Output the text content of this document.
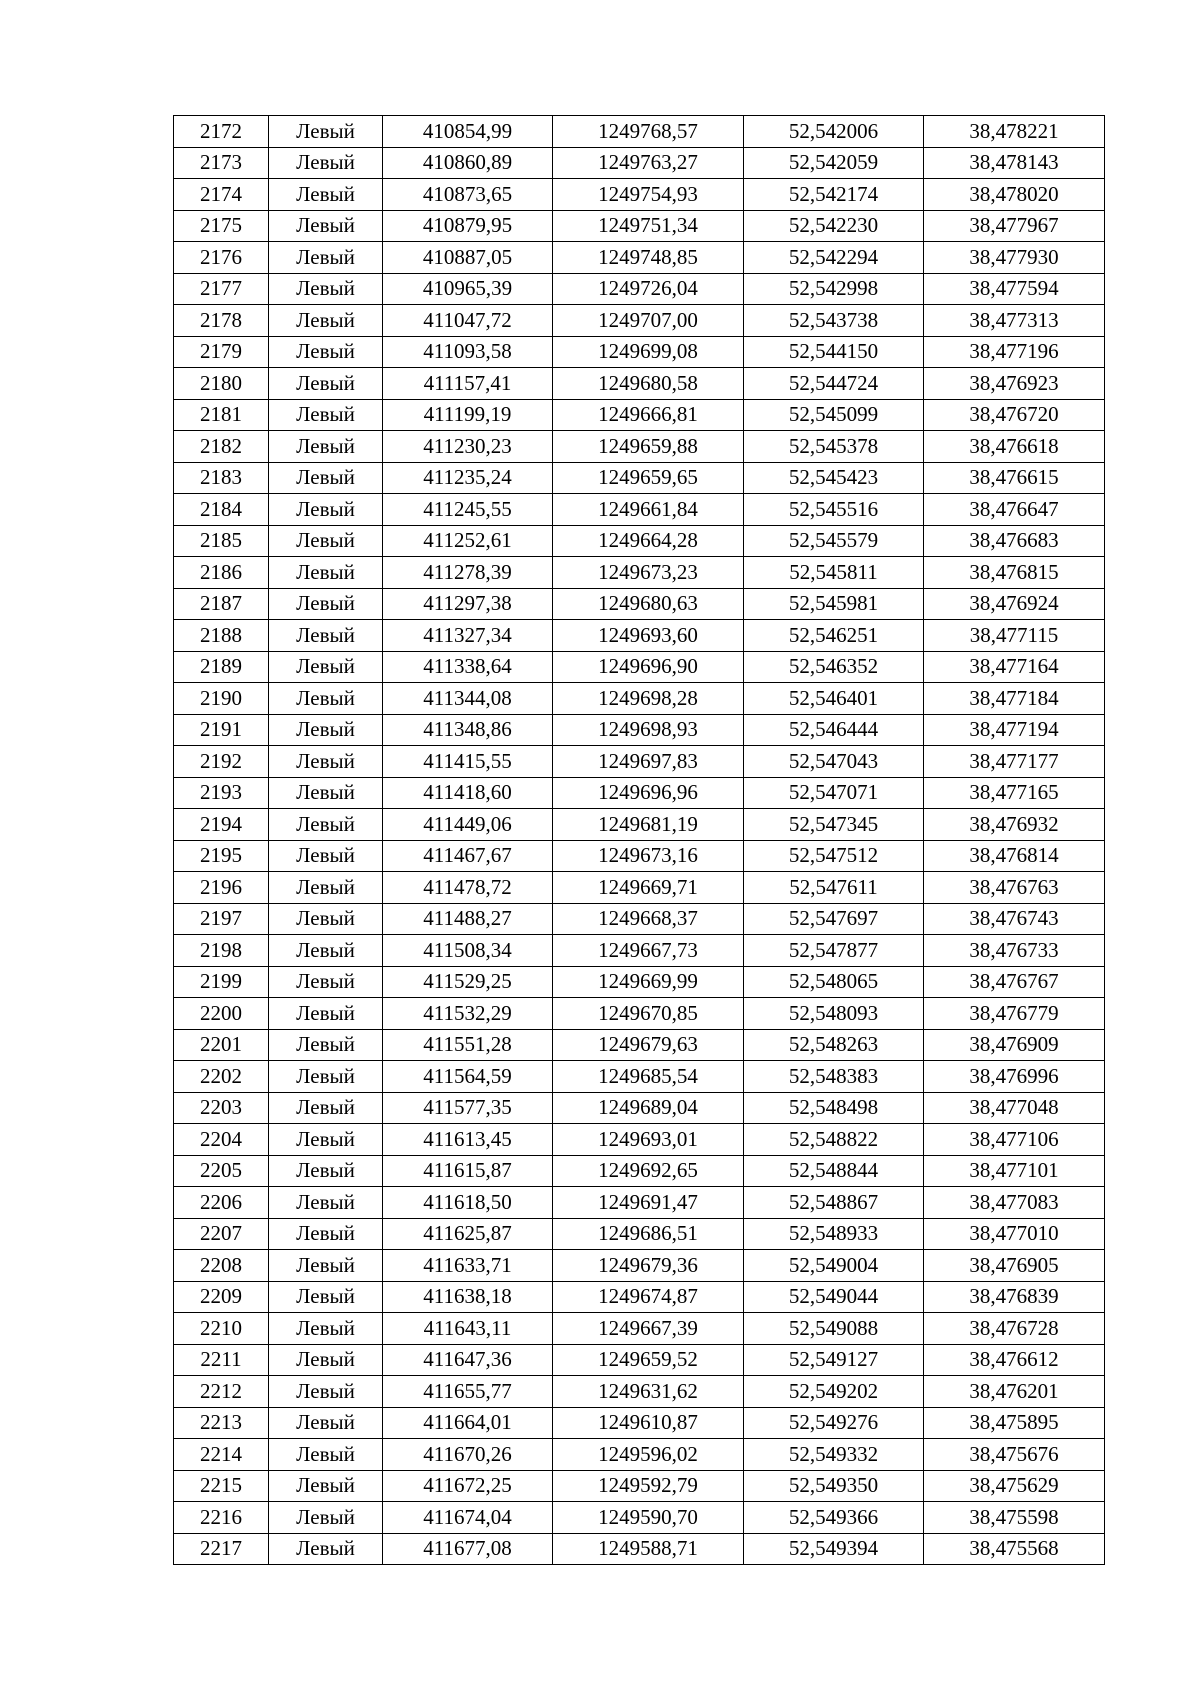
2172	Левый	410854,99	1249768,57	52,542006	38,478221
2173	Левый	410860,89	1249763,27	52,542059	38,478143
2174	Левый	410873,65	1249754,93	52,542174	38,478020
2175	Левый	410879,95	1249751,34	52,542230	38,477967
2176	Левый	410887,05	1249748,85	52,542294	38,477930
2177	Левый	410965,39	1249726,04	52,542998	38,477594
2178	Левый	411047,72	1249707,00	52,543738	38,477313
2179	Левый	411093,58	1249699,08	52,544150	38,477196
2180	Левый	411157,41	1249680,58	52,544724	38,476923
2181	Левый	411199,19	1249666,81	52,545099	38,476720
2182	Левый	411230,23	1249659,88	52,545378	38,476618
2183	Левый	411235,24	1249659,65	52,545423	38,476615
2184	Левый	411245,55	1249661,84	52,545516	38,476647
2185	Левый	411252,61	1249664,28	52,545579	38,476683
2186	Левый	411278,39	1249673,23	52,545811	38,476815
2187	Левый	411297,38	1249680,63	52,545981	38,476924
2188	Левый	411327,34	1249693,60	52,546251	38,477115
2189	Левый	411338,64	1249696,90	52,546352	38,477164
2190	Левый	411344,08	1249698,28	52,546401	38,477184
2191	Левый	411348,86	1249698,93	52,546444	38,477194
2192	Левый	411415,55	1249697,83	52,547043	38,477177
2193	Левый	411418,60	1249696,96	52,547071	38,477165
2194	Левый	411449,06	1249681,19	52,547345	38,476932
2195	Левый	411467,67	1249673,16	52,547512	38,476814
2196	Левый	411478,72	1249669,71	52,547611	38,476763
2197	Левый	411488,27	1249668,37	52,547697	38,476743
2198	Левый	411508,34	1249667,73	52,547877	38,476733
2199	Левый	411529,25	1249669,99	52,548065	38,476767
2200	Левый	411532,29	1249670,85	52,548093	38,476779
2201	Левый	411551,28	1249679,63	52,548263	38,476909
2202	Левый	411564,59	1249685,54	52,548383	38,476996
2203	Левый	411577,35	1249689,04	52,548498	38,477048
2204	Левый	411613,45	1249693,01	52,548822	38,477106
2205	Левый	411615,87	1249692,65	52,548844	38,477101
2206	Левый	411618,50	1249691,47	52,548867	38,477083
2207	Левый	411625,87	1249686,51	52,548933	38,477010
2208	Левый	411633,71	1249679,36	52,549004	38,476905
2209	Левый	411638,18	1249674,87	52,549044	38,476839
2210	Левый	411643,11	1249667,39	52,549088	38,476728
2211	Левый	411647,36	1249659,52	52,549127	38,476612
2212	Левый	411655,77	1249631,62	52,549202	38,476201
2213	Левый	411664,01	1249610,87	52,549276	38,475895
2214	Левый	411670,26	1249596,02	52,549332	38,475676
2215	Левый	411672,25	1249592,79	52,549350	38,475629
2216	Левый	411674,04	1249590,70	52,549366	38,475598
2217	Левый	411677,08	1249588,71	52,549394	38,475568
